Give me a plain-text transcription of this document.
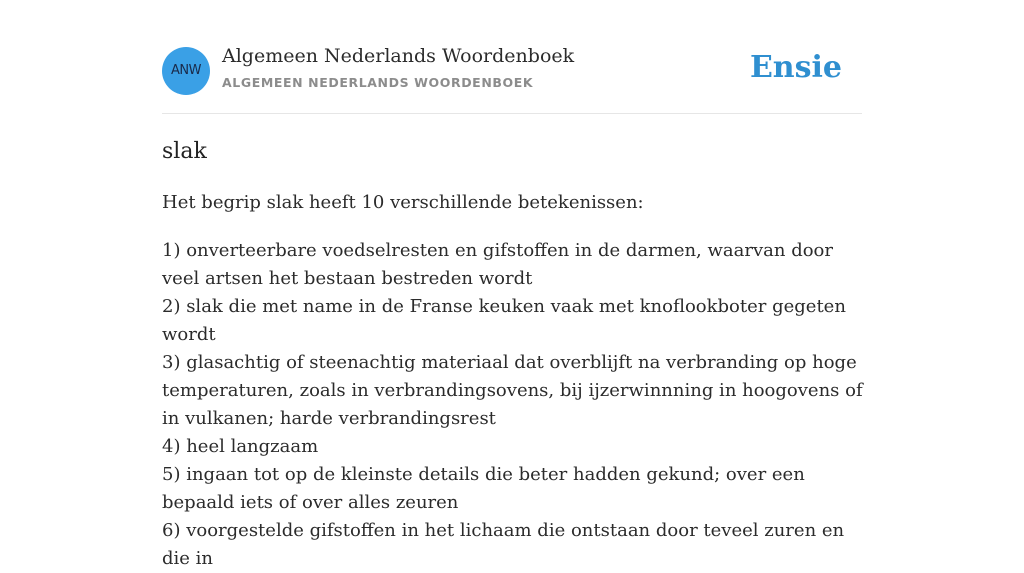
ANW
Algemeen Nederlands Woordenboek
ALGEMEEN NEDERLANDS WOORDENBOEK	Ensie
slak
Het begrip slak heeft 10 verschillende betekenissen:

1) onverteerbare voedselresten en gifstoffen in de darmen, waarvan door veel artsen het bestaan bestreden wordt

2) slak die met name in de Franse keuken vaak met knoflookboter gegeten wordt

3) glasachtig of steenachtig materiaal dat overblijft na verbranding op hoge temperaturen, zoals in verbrandingsovens, bij ijzerwinnning in hoogovens of in vulkanen; harde verbrandingsrest

4) heel langzaam

5) ingaan tot op de kleinste details die beter hadden gekund; over een bepaald iets of over alles zeuren

6) voorgestelde gifstoffen in het lichaam die ontstaan door teveel zuren en die in
